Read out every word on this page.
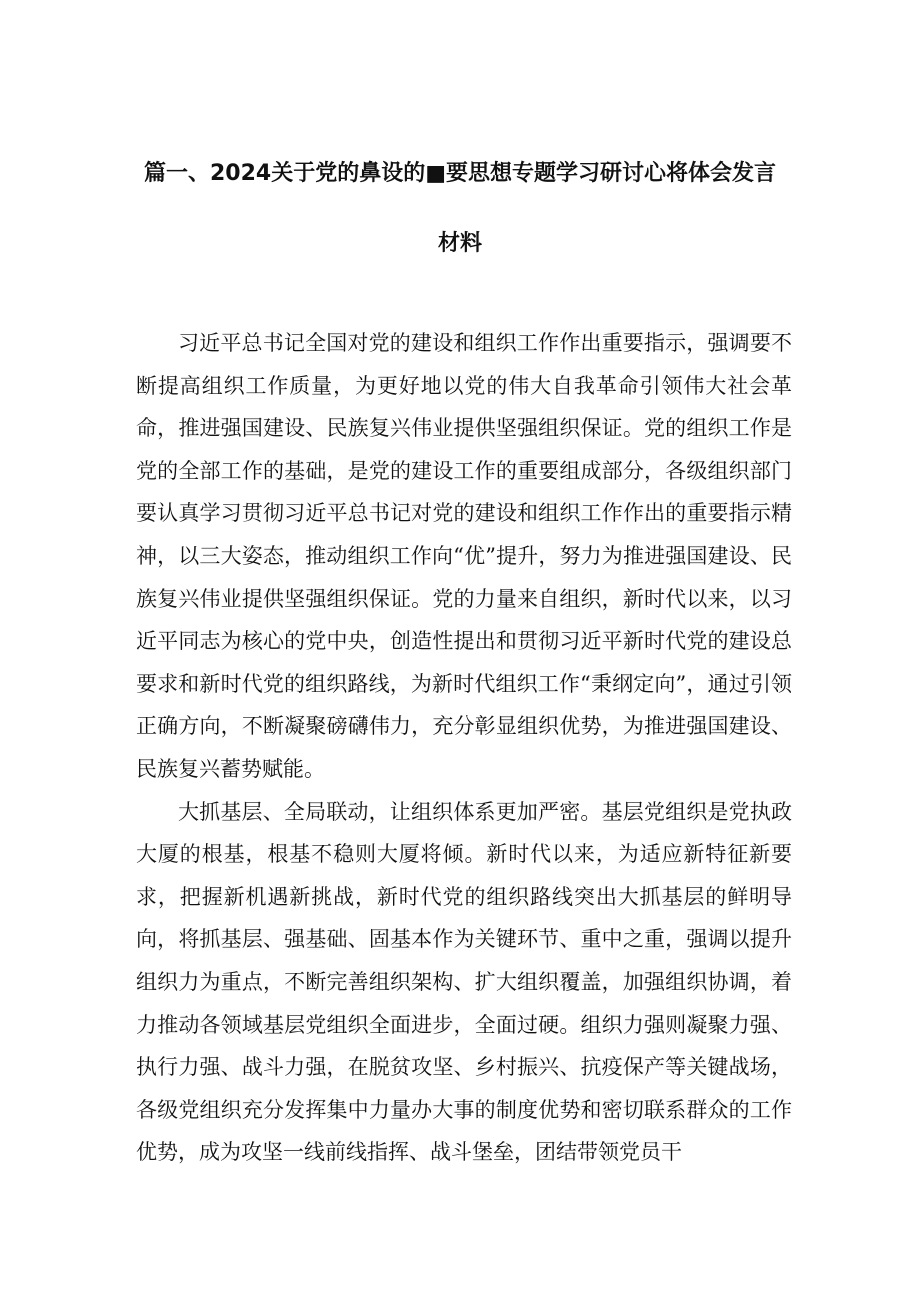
篇一、2024关于党的鼻设的■要思想专题学习研讨心将体会发言
材料

习近平总书记全国对党的建设和组织工作作出重要指示，强调要不断提高组织工作质量，为更好地以党的伟大自我革命引领伟大社会革命，推进强国建设、民族复兴伟业提供坚强组织保证。党的组织工作是党的全部工作的基础，是党的建设工作的重要组成部分，各级组织部门要认真学习贯彻习近平总书记对党的建设和组织工作作出的重要指示精神，以三大姿态，推动组织工作向“优”提升，努力为推进强国建设、民族复兴伟业提供坚强组织保证。党的力量来自组织，新时代以来，以习近平同志为核心的党中央，创造性提出和贯彻习近平新时代党的建设总要求和新时代党的组织路线，为新时代组织工作“秉纲定向”，通过引领正确方向，不断凝聚磅礴伟力，充分彰显组织优势，为推进强国建设、民族复兴蓄势赋能。

大抓基层、全局联动，让组织体系更加严密。基层党组织是党执政大厦的根基，根基不稳则大厦将倾。新时代以来，为适应新特征新要求，把握新机遇新挑战，新时代党的组织路线突出大抓基层的鲜明导向，将抓基层、强基础、固基本作为关键环节、重中之重，强调以提升组织力为重点，不断完善组织架构、扩大组织覆盖，加强组织协调，着力推动各领域基层党组织全面进步，全面过硬。组织力强则凝聚力强、执行力强、战斗力强，在脱贫攻坚、乡村振兴、抗疫保产等关键战场，各级党组织充分发挥集中力量办大事的制度优势和密切联系群众的工作优势，成为攻坚一线前线指挥、战斗堡垒，团结带领党员干
